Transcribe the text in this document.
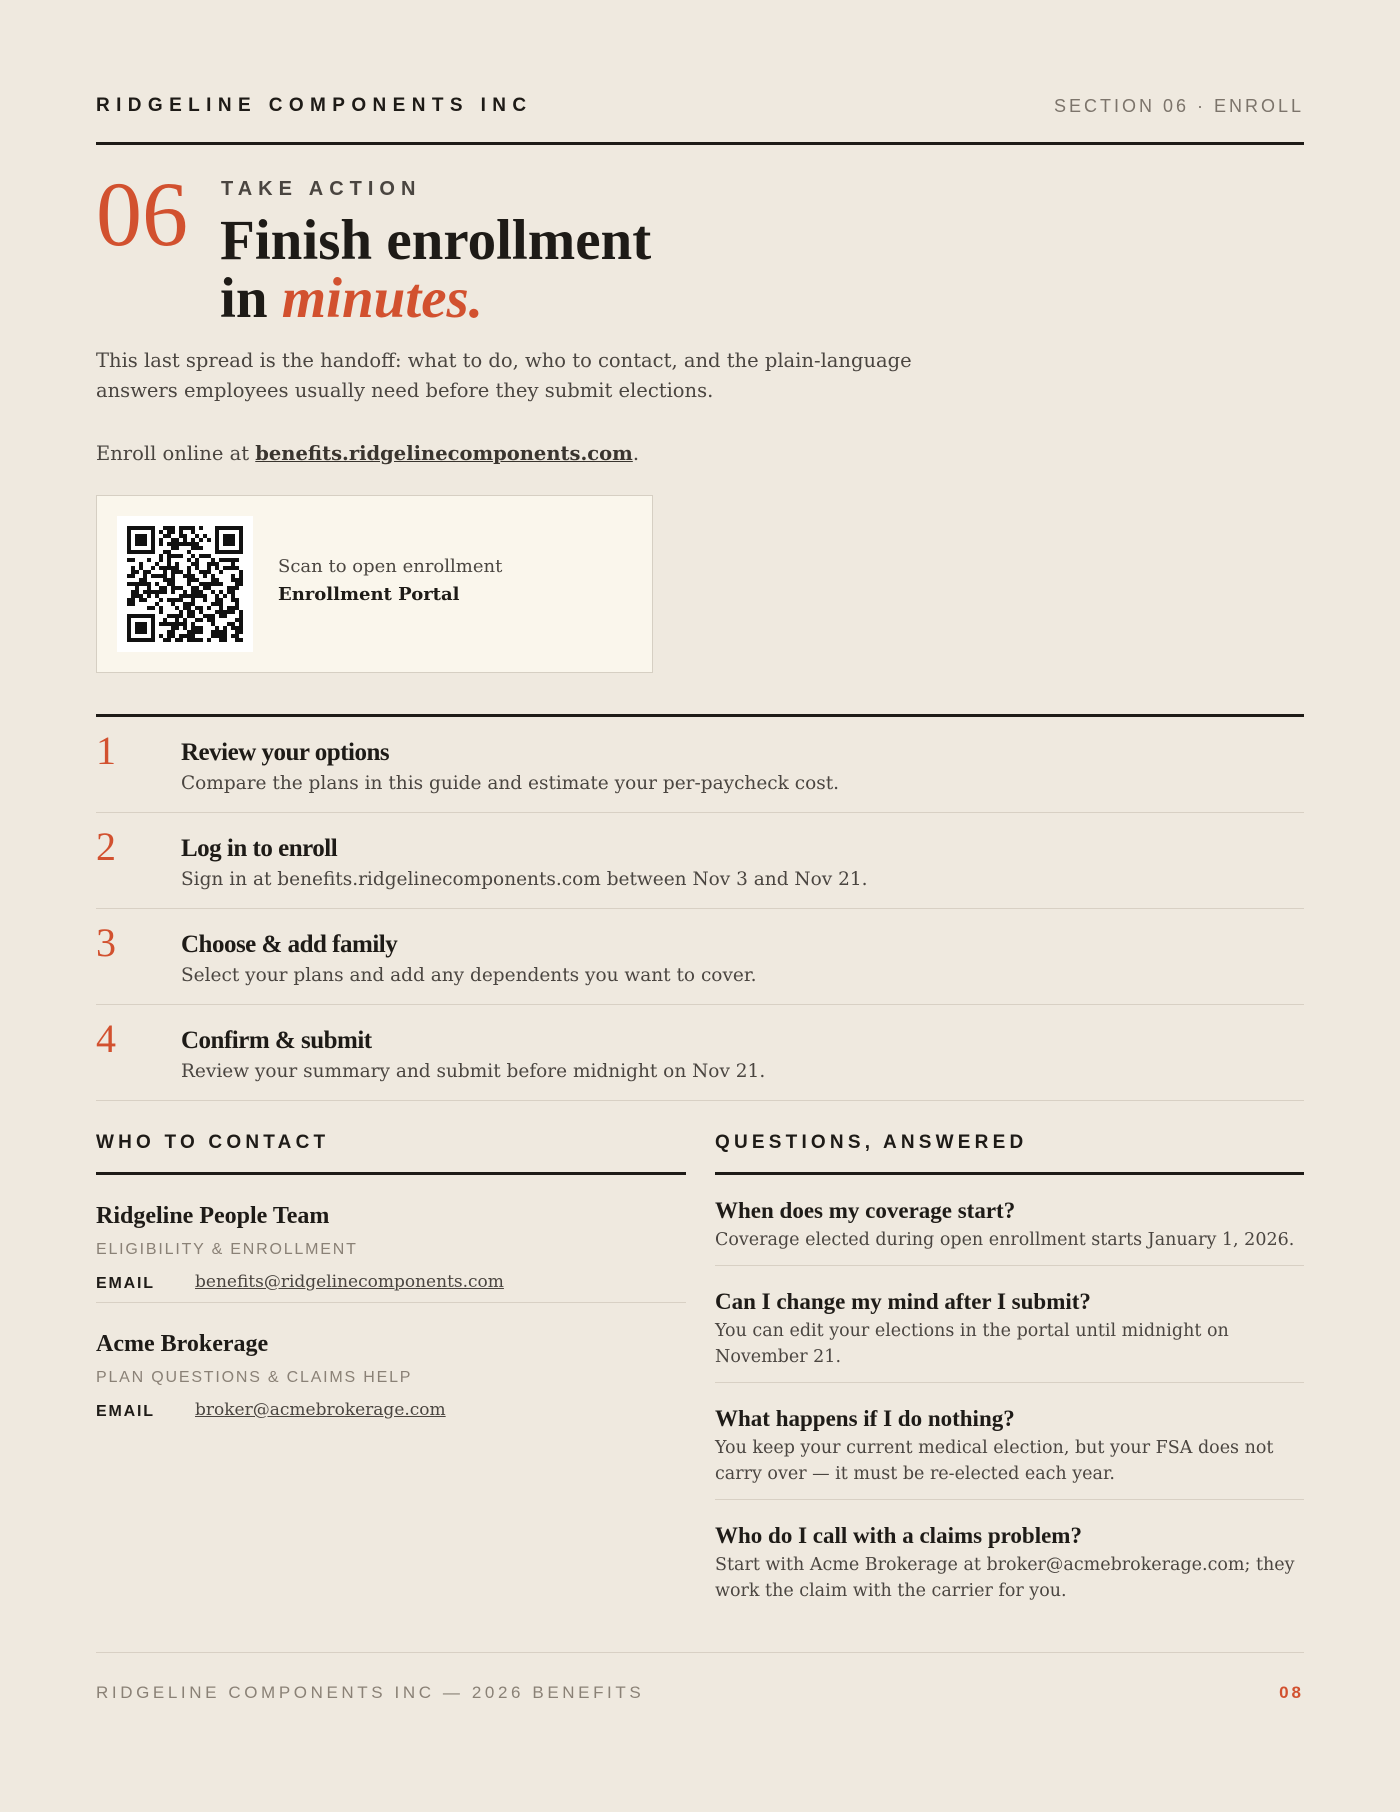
RIDGELINE COMPONENTS INC	SECTION 06 · ENROLL
06 TAKE ACTION
Finish enrollment
in minutes.
This last spread is the handoff: what to do, who to contact, and the plain-language answers employees usually need before they submit elections.
Enroll online at benefits.ridgelinecomponents.com.
Scan to open enrollment
Enrollment Portal
1	Review your options
Compare the plans in this guide and estimate your per-paycheck cost.
2	Log in to enroll
Sign in at benefits.ridgelinecomponents.com between Nov 3 and Nov 21.
3	Choose & add family
Select your plans and add any dependents you want to cover.
4	Confirm & submit
Review your summary and submit before midnight on Nov 21.
WHO TO CONTACT
Ridgeline People Team
ELIGIBILITY & ENROLLMENT
EMAIL benefits@ridgelinecomponents.com
Acme Brokerage
PLAN QUESTIONS & CLAIMS HELP
EMAIL broker@acmebrokerage.com
QUESTIONS, ANSWERED
When does my coverage start?
Coverage elected during open enrollment starts January 1, 2026.
Can I change my mind after I submit?
You can edit your elections in the portal until midnight on November 21.
What happens if I do nothing?
You keep your current medical election, but your FSA does not carry over — it must be re-elected each year.
Who do I call with a claims problem?
Start with Acme Brokerage at broker@acmebrokerage.com; they work the claim with the carrier for you.
RIDGELINE COMPONENTS INC — 2026 BENEFITS	08
